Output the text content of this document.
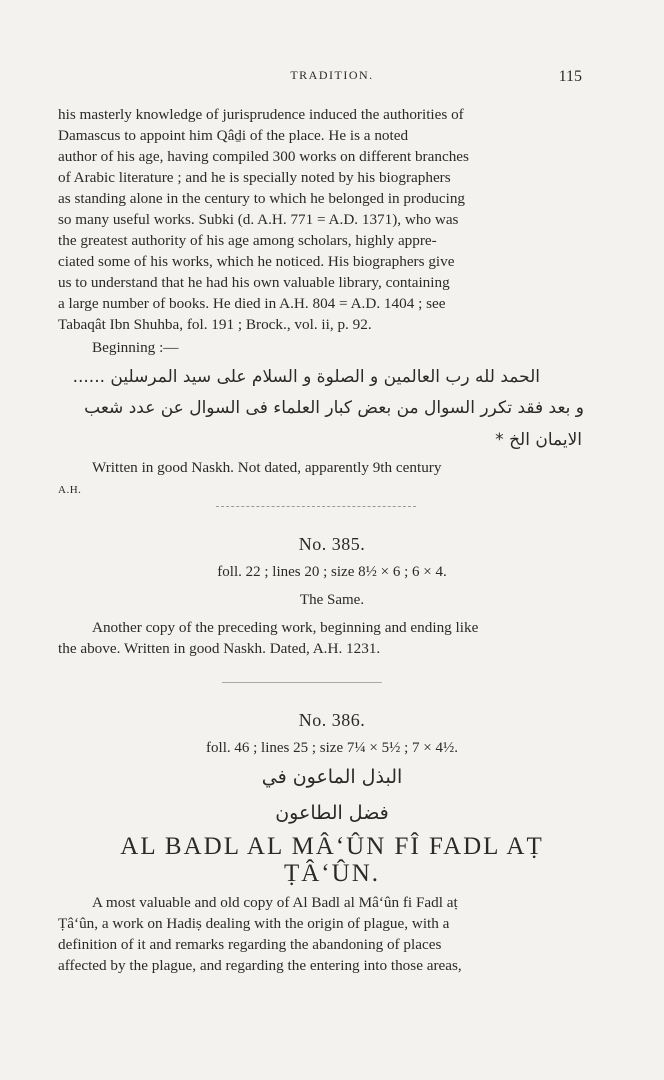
TRADITION.	115
his masterly knowledge of jurisprudence induced the authorities of
Damascus to appoint him Qâḏi of the place. He is a noted
author of his age, having compiled 300 works on different branches
of Arabic literature ; and he is specially noted by his biographers
as standing alone in the century to which he belonged in producing
so many useful works. Subki (d. A.H. 771 = A.D. 1371), who was
the greatest authority of his age among scholars, highly appre-
ciated some of his works, which he noticed. His biographers give
us to understand that he had his own valuable library, containing
a large number of books. He died in A.H. 804 = A.D. 1404 ; see
Tabaqât Ibn Shuhba, fol. 191 ; Brock., vol. ii, p. 92.
Beginning :—
الحمد لله رب العالمين و الصلوة و السلام على سيد المرسلين ......
و بعد فقد تكرر السوال من بعض كبار العلماء فى السوال عن عدد شعب
الايمان الخ *
Written in good Naskh. Not dated, apparently 9th century
A.H.
No. 385.
foll. 22 ; lines 20 ; size 8½ × 6 ; 6 × 4.
The Same.
Another copy of the preceding work, beginning and ending like
the above. Written in good Naskh. Dated, A.H. 1231.
No. 386.
foll. 46 ; lines 25 ; size 7¼ × 5½ ; 7 × 4½.
البذل الماعون في
فضل الطاعون
AL BADL AL MÂ‘ÛN FÎ FADL AṬ
ṬÂ‘ÛN.
A most valuable and old copy of Al Badl al Mâ‘ûn fi Fadl aṭ
Ṭâ‘ûn, a work on Hadiṣ dealing with the origin of plague, with a
definition of it and remarks regarding the abandoning of places
affected by the plague, and regarding the entering into those areas,
